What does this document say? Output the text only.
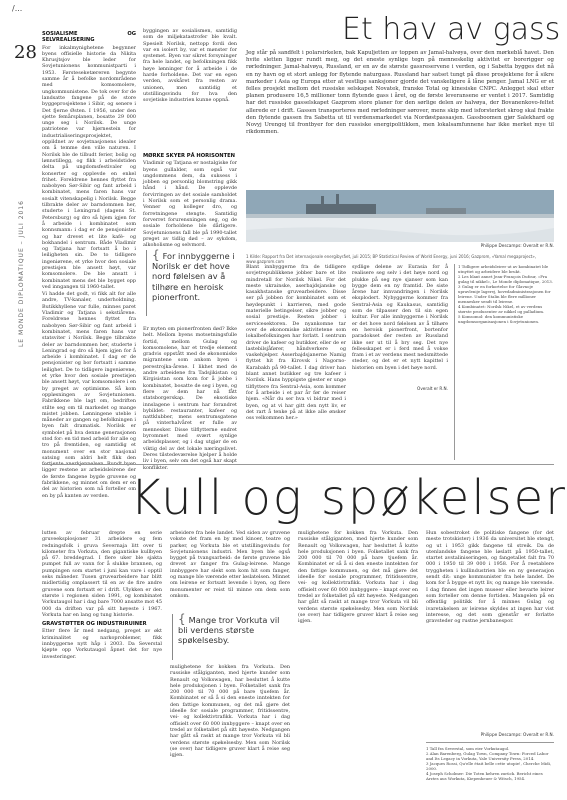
/...
28
LE MONDE DIPLOMATIQUE – JULI 2016
SOSIALISME OG SELVREALISERING

For inkalmynighetene begynner byens offisielle historie da Nikita Khrusjtsjov ble leder for Sovjetunionens kommunistparti i 1953. Førsteseketæreren begynte samme år å befolke nordområdene med komsomolere, ungkommunistene. De tok over for de landsatte fangene på de store byggeprosjektene i Sibir, og senere i Det fjerne Østen. I 1956, under den sjette femårsplanen, bosatte 29 000 unge seg i Norilsk. De unge patriotene var hjørnestein for industrialiseringsprosjektet, oppildnet av sovjetnasjonens idealer om å temme den ville naturen. I Norilsk ble de tilbudt ferier, bolig og lønnstillegg, og fikk i arbeidstiden delta på ungdomsfestivaler og konserter og opplevde en enkel frihet. Foreldrene hennes flyttet fra nabobyen Sør-Sibir og fant arbeid i kombinatet, mens faren hans var sosialt vitenskapelig i Norilsk. Begge tilbrakte deler av barndommen her, studerte i Leningrad (dagens St. Petersburg) og dro så hjem igjen for å arbeide i kombinatet som konnsmann: i dag er de pensjonister og har drevet et lite kafé- og bokhandel i sentrum. Både Vladimir og Tatjana har fortsatt å bo i leiligheten sin. De to tidligere ingeniørene, et yrke hvor den sosiale prestisjen ble ansett høyt, var komsomolere. De ble ansatt i kombinatet mens det ble bygget opp ved inngangen til 1960-tallet.

Vi hadde det godt, vi fikk alt for alle andre, TV-kanaler, underholdning. Butikkhyllene var fulle, minnes paret Vladimir og Tatjana i sekstiårene. Foreldrene hennes flyttet fra nabobyen Sør-Sibir og fant arbeid i kombinatet, mens faren hans var statsviter i Norilsk. Begge tilbrakte deler av barndommen her, studerte i Leningrad og dro så hjem igjen for å arbeide i kombinatet. I dag er de pensjonister og bor fortsatt i samme leilighet. De to tidligere ingeniørene, et yrke hvor den sosiale prestisjen ble ansett høyt, var komsomolere i en by preget av optimisme. Så kom oppløsningen av Sovjetunionen. Fabrikkene ble lagt om, bedriften stilte seg om til markedet og mange mistet jobben. Lønningene uteble i måneder av gangen og befolkningen i byen falt dramatisk. Norilsk er symbolet på hva denne generasjonen stod for: en tid med arbeid for alle og tro på fremtiden, og samtidig et monument over en stor nasjonal satsing som aldri helt fikk den ligger restene av arbeidsleirene der de første fangene bygde gruvene og fabrikkene, og minnet om dem er en del av historien som nå forteller om en by på kanten av verden.

byggingen av sosialismen, samtidig som de miljøkatastrofer ble kvalt. Spesielt Norilsk, nettopp fordi den var en isolert by, var et mønster for systemet. Byen var sikret forsyninger fra hele landet, og befolkningen fikk høye lønninger for å arbeide i de harde forholdene. Det var en egen verden, avskåret fra resten av unionen, men samtidig et utstillingsvindu for hva den sovjetiske industrien kunne oppnå.

MØRKE SKYER PÅ HORISONTEN

Vladimir og Tatjana er nostalgiske for byens gullalder, som også var ungdommens dem, da suksess i jobben og personlig blomstring gikk hånd i hånd. De opplevde forvirringen av det sosiale samholdet i Norilsk som et personlig drama. Venner og kolleger dro, og forretningene stengte. Samtidig forverret forurensningen seg, og de sosiale forholdene ble dårligere. Sovjetunionens fall ble på 1990-tallet preget av tidlig død – av sykdom, alkoholisme og selvmord.

{ For innbyggerne i Norilsk er det hove nord følelsen av å tilhøre en heroisk pionerfront.

Er myten om pionerfronten død? Ikke helt. Mellom byens motsetningsfulle fortid, mellom Gulag og komsomolene, har et tredje element gradvis oppstått med de økonomiske migrantene som ankom byen i perestrojka-årene. I likhet med de andre arbeidene fra Tadsjikistan og Kirgisistan som kom for å jobbe i kombinatet, bosatte de seg i byen, og flere av dem har nå fått statsborgerskap. De eksotiske innslagene i sentrum har forandret bybildet: restauranter, kafeer og nattklubber, mens sentrumsgatene på vinterhalvåret er fulle av mennesker. Disse tilflytterne endret byrommet med svært synlige arbeidsplasser, og i dag utgjør de en viktig del av det lokale næringslivet. Deres tilstedeværelse hjelper å holde liv i byen, selv om det også har skapt konflikter.

Et hav av gass
Jeg står på sandfelt i polarsirkelen, bak Kapuljetten av toppen av Jamal-halvøya, over den mørkeblå havet. Den hvite sletten ligger rundt meg, og det eneste synlige tegn på menneskelig aktivitet er borerigger og rørledninger. Jamal-halvøya, Russland, er en av de største gassreservene i verden, og i Sabetta bygges det nå en ny havn og et stort anlegg for flytende naturgass. Russland har satset tungt på disse prosjektene for å sikre markeder i Asia og Europa etter at vestlige sanksjoner gjorde det vanskeligere å låne penger. Jamal LNG er et felles prosjekt mellom det russiske selskapet Novatek, franske Total og kinesiske CNPC. Anlegget skal etter planen produsere 16,5 millioner tonn flytende gass i året, og de første leveransene er ventet i 2017. Samtidig har det russiske gasselskapet Gazprom store planer for den sørlige delen av halvøya, der Bovanenkovo-feltet allerede er i drift. Gassen transporteres med rørledninger sørover, mens skip med isforsterket skrog skal frakte den flytende gassen fra Sabetta ut til verdensmarkedet via Nordøstpassasjen. Gassboomen gjør Salekhard og Novyj Urengoj til frontbyer for den russiske energipolitikken, men lokalsamfunnene har ikke merket mye til rikdommen.
Philippe Descamps: Overalt er R.N.
1 Kilde: Rapport fra Det internasjonale energibyrået, juli 2015; BP Statistical Review of World Energy, juni 2016; Gazprom, «Yamal megaproject», www.gazprom.com

Blant innbyggerne fra de tidligere sovjetrepublikkene jobber bare et lite mindretall for Norilsk Nikel. For det meste ukrainske, aserbajdsjanske og kasakhstanske gruvearbeidere. Disse ser på jobben for kombinatet som et høydepunkt i karrieren, med gode materielle betingelser, sikre jobber og sosial prestisje. Resten jobber i servicesektoren. De nyankomne tar over de økonomiske aktivitetene som lokalbefolkningen har forlatt. I sentrum driver de kafeer og butikker, eller de er lastebilsjåfører, håndverkere og vaskehjelper. Asserbajdsjanerne Namig flyttet hit fra Kirovsk i Nagorno-Karabakh på 90-tallet. I dag driver han blant annet butikker og tre kafeer i Norilsk. Hans hyppigste gjester er unge tilflyttere fra Sentral-Asia, som kommer for å arbeide i et par år før de reiser hjem. «Når du ser hva vi bidrar med i byen, og at vi har gitt den nytt liv, er det rart å tenke på at ikke alle ønsker oss velkommen her.»

sydlige delene av Eurasia for å realisere seg selv i det høye nord og plukke på seg nye sjanser som kan bygge dem en ny framtid. De siste årene har innvandringen i Norilsk eksplodert. Nybyggerne kommer fra Sentral-Asia og Kaukasus, samtidig som de tilpasser den til sin egen kultur. For alle innbyggerne i Norilsk er det hove nord følelsen av å tilhøre en heroisk pionerfront, bortenfor paradokset der resten av Russland ikke ser ut til å bry seg. Det nye fellesskapet er i ferd med å vokse fram i et av verdens mest nedsmittede steder, og det er et nytt kapittel i historien om byen i det høye nord.

Overalt er R.N.

1 Tidligere arbeidsleirer ut av kombinatet ble utnyttet og arbeidere ble brukt.

2 Les blant annet Jean-François Dufour, «Fra gulag til nikkel», Le Monde diplomatique, 2013.

3 Gulag er en forkortelse for Glavnoje upravlenije lagerej, hovedadministrasjonen for leirene. Under Stalin ble flere millioner mennesker sendt til leirene.

4 Kombinatet: Norilsk Nikel, et av verdens største produsenter av nikkel og palladium.

5 Komsomol: den kommunistiske ungdomsorganisasjonen i Sovjetunionen.

Kull og spøkelser

lutten av februar drepte en serie gruveeksplosjoner 31 arbeidere og fem redningsfolk i gruva Severnaja litt over ti kilometer fra Vorkuta, den gigantiske kullbyen på 67. breddegrad. I flere uker ble sjakta pumpet full av vann for å slukke brannen, og pumpingen som startet i juni kan vare i opptil seks måneder. Tusen gruvearbeidere har blitt midlertidig omplassert til en av de fire andre gruvene som fortsatt er i drift. Ulykken er den største i regionen siden 1991, og kombinatet Vorkutaugol har i dag bare 7000 ansatte mot 45 000 da driften var på sitt høyeste i 1967. Vorkuta har en lang og tung historie.

GRAVSTØTTER OG INDUSTRIRUINER

Etter flere år med nedgang, preget av økt kriminalitet og narkoproblemer, fikk innbyggerne nytt håp i 2003. Da Severstal kjøpte opp Vorkutaugol åpnet det for nye investeringer.

arbeidere fra hele landet. Ved siden av gruvene vokste det fram en by med kinoer, teatre og parker, og Vorkuta ble et utstillingsvindu for Sovjetunionens industri. Men byen ble også bygget på tvangsarbeid: de første gruvene ble drevet av fanger fra Gulag-leirene. Mange innbyggere har slekt som kom hit som fanger, og mange ble værende etter løslatelsen. Minnet om leirene er fortsatt levende i byen, og flere monumenter er reist til minne om dem som omkom.

{ Mange tror Vorkuta vil bli verdens største spøkelsesby.

mulighetene for kokken fra Vorkuta. Den russiske stålgiganten, med hjerte kunder som Renault og Volkswagen, har besluttet å kutte hele produksjonen i byen. Folketallet sank fra 200 000 til 70 000 på bare tjuefem år. Kombinatet er så å si den eneste inntekten for den fattige kommunen, og det må gjøre det ideelle for sosiale programmer, fritidssentre, vei- og kollektivtrafikk. Vorkuta har i dag offisielt over 60 000 innbyggere – knapt over en tredel av folketallet på sitt høyeste. Nedgangen har gått så raskt at mange tror Vorkuta vil bli verdens største spøkelsesby. Men som Norilsk (se over) har tidligere gruver klart å reise seg igjen.

mulighetene for kokken fra Vorkuta. Den russiske stålgiganten, med hjerte kunder som Renault og Volkswagen, har besluttet å kutte hele produksjonen i byen. Folketallet sank fra 200 000 til 70 000 på bare tjuefem år. Kombinatet er så å si den eneste inntekten for den fattige kommunen, og det må gjøre det ideelle for sosiale programmer, fritidssentre, vei- og kollektivtrafikk. Vorkuta har i dag offisielt over 60 000 innbyggere – knapt over en tredel av folketallet på sitt høyeste. Nedgangen har gått så raskt at mange tror Vorkuta vil bli verdens største spøkelsesby. Men som Norilsk (se over) har tidligere gruver klart å reise seg igjen.

Hun sobestroket de politiske fangene (for det meste trotskister) i 1936 da universitet ble stengt, og ut i 1953 gikk fangene til streik. Da de utenlandske fangene ble løslatt på 1950-tallet, startet avstaliniseringen, og fangetallet falt fra 70 000 i 1950 til 39 000 i 1958. For å reetablere tryggheten i kullindustrien ble en ny generasjon sendt dit: unge kommunister fra hele landet. De kom for å bygge et nytt liv, og mange ble værende. I dag finnes det ingen museer eller bevarte leirer som forteller om denne fortiden. Mangelen på en offentlig politikk for å minnes Gulag og ivaretakelsen av leirene skyldes at ingen har vist interesse, og det som gjenstår er forlatte gravsteder og rustne jernbanespor.

Philippe Descamps: Overalt er R.N.

1 Tall fra Severstal, som eier Vorkutaugol.

2 Alan Barenberg, Gulag Town, Company Town: Forced Labor and Its Legacy in Vorkuta, Yale University Press, 2014.

3 Jacques Rossi, Qu'elle était belle cette utopie!, Cherche Midi, 2000.

4 Joseph Scholmer: Die Toten kehren zurück. Bericht eines Arztes aus Workuta, Kiepenheuer & Witsch, 1954.
